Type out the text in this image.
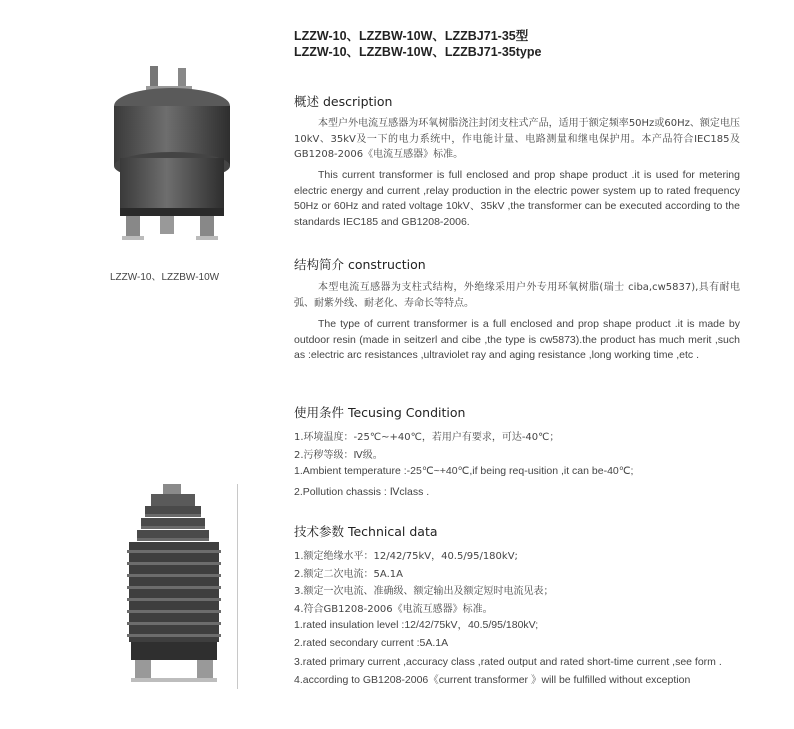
LZZW-10、LZZBW-10W、LZZBJ71-35型
LZZW-10、LZZBW-10W、LZZBJ71-35type
LZZW-10、LZZBW-10W
概述 description
本型户外电流互感器为环氧树脂浇注封闭支柱式产品，适用于额定频率50Hz或60Hz、额定电压10kV、35kV及一下的电力系统中，作电能计量、电路测量和继电保护用。本产品符合IEC185及GB1208-2006《电流互感器》标准。
This current transformer is full enclosed and prop shape product .it is used for metering electric energy and current ,relay production in the electric power system up to rated frequency 50Hz or 60Hz and rated voltage 10kV、35kV ,the transformer can be executed according to the standards IEC185 and GB1208-2006.
结构简介 construction
本型电流互感器为支柱式结构，外绝缘采用户外专用环氧树脂(瑞士 ciba,cw5837),具有耐电弧、耐紫外线、耐老化、寿命长等特点。
The type of current transformer is a full enclosed and prop shape product .it is made by outdoor resin (made in seitzerl and cibe ,the type is cw5873).the product has much merit ,such as :electric arc resistances ,ultraviolet ray and aging resistance ,long working time ,etc .
使用条件 Tecusing Condition
1.环境温度：-25℃~+40℃，若用户有要求，可达-40℃；
2.污秽等级：Ⅳ级。
1.Ambient temperature :-25℃~+40℃,if being req-usition ,it can be-40℃;
2.Pollution chassis : Ⅳclass .
技术参数 Technical data
1.额定绝缘水平：12/42/75kV，40.5/95/180kV;
2.额定二次电流：5A.1A
3.额定一次电流、准确级、额定输出及额定短时电流见表；
4.符合GB1208-2006《电流互感器》标准。
1.rated insulation level :12/42/75kV，40.5/95/180kV;
2.rated secondary current :5A.1A
3.rated primary current ,accuracy class ,rated output and rated short-time current ,see form .
4.according to GB1208-2006《current transformer 》will be fulfilled without exception
